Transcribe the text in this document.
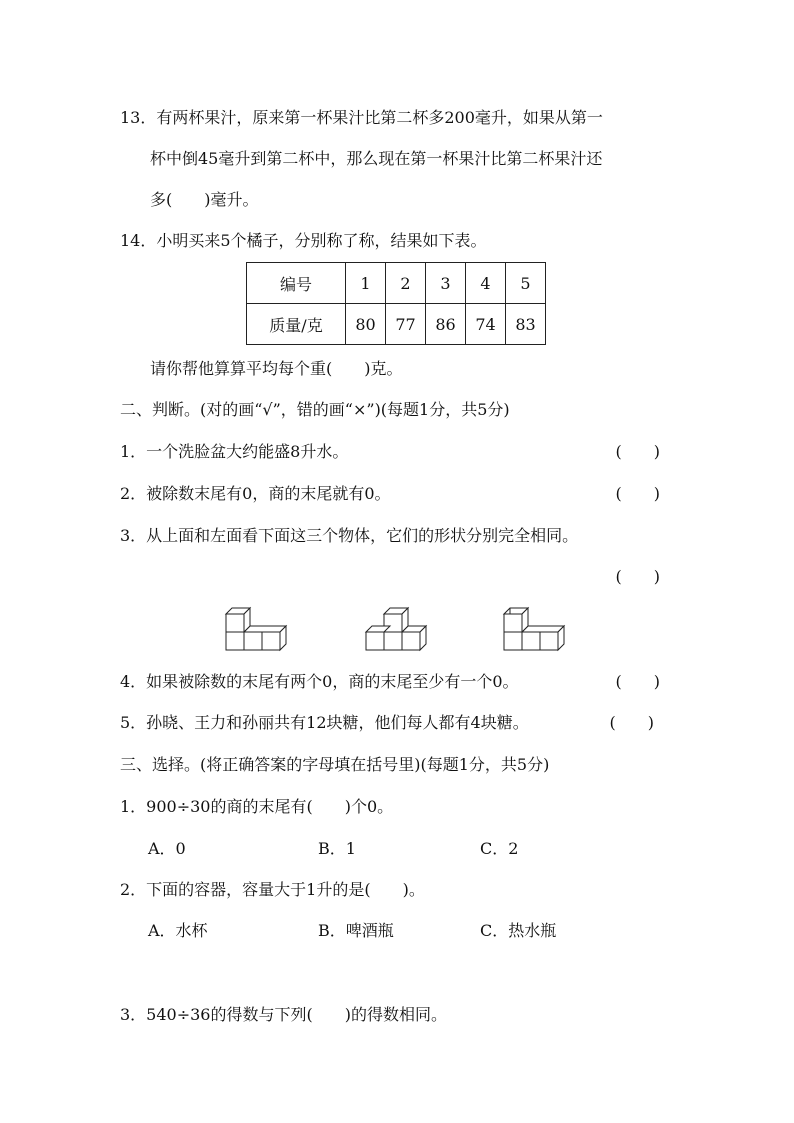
13．有两杯果汁，原来第一杯果汁比第二杯多200毫升，如果从第一
杯中倒45毫升到第二杯中，那么现在第一杯果汁比第二杯果汁还
多(　　)毫升。
14．小明买来5个橘子，分别称了称，结果如下表。
编号	1	2	3	4	5
质量/克	80	77	86	74	83
请你帮他算算平均每个重(　　)克。
二、判断。(对的画“√”，错的画“×”)(每题1分，共5分)
1．一个洗脸盆大约能盛8升水。	(　　)
2．被除数末尾有0，商的末尾就有0。	(　　)
3．从上面和左面看下面这三个物体，它们的形状分别完全相同。
(　　)
4．如果被除数的末尾有两个0，商的末尾至少有一个0。	(　　)
5．孙晓、王力和孙丽共有12块糖，他们每人都有4块糖。	(　　)
三、选择。(将正确答案的字母填在括号里)(每题1分，共5分)
1．900÷30的商的末尾有(　　)个0。
A．0	B．1	C．2
2．下面的容器，容量大于1升的是(　　)。
A．水杯	B．啤酒瓶	C．热水瓶
3．540÷36的得数与下列(　　)的得数相同。
